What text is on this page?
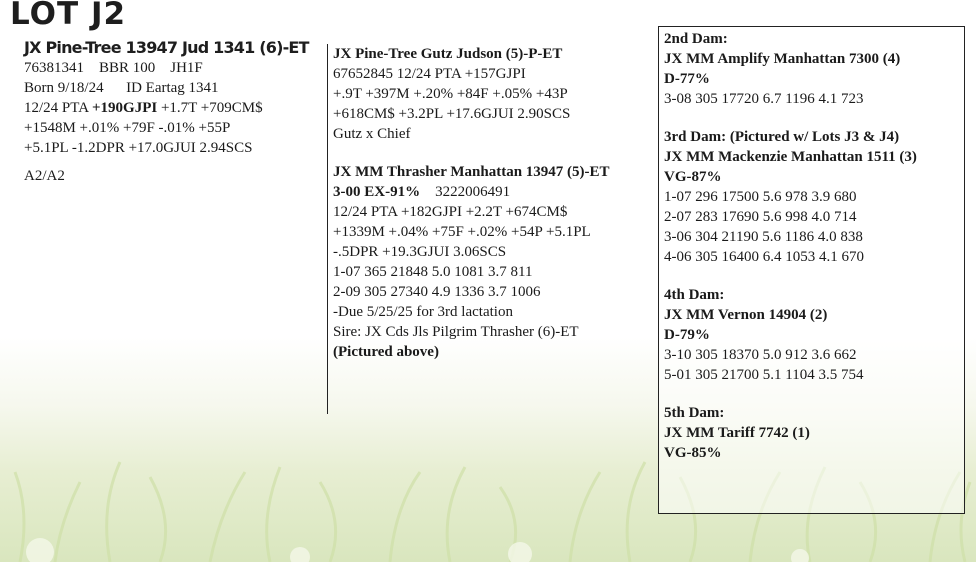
LOT J2
JX Pine-Tree 13947 Jud 1341 (6)-ET
76381341 BBR 100 JH1F
Born 9/18/24 ID Eartag 1341
12/24 PTA +190GJPI +1.7T +709CM$
+1548M +.01% +79F -.01% +55P
+5.1PL -1.2DPR +17.0GJUI 2.94SCS
A2/A2
JX Pine-Tree Gutz Judson (5)-P-ET
67652845 12/24 PTA +157GJPI
+.9T +397M +.20% +84F +.05% +43P
+618CM$ +3.2PL +17.6GJUI 2.90SCS
Gutz x Chief
JX MM Thrasher Manhattan 13947 (5)-ET
3-00 EX-91% 3222006491
12/24 PTA +182GJPI +2.2T +674CM$
+1339M +.04% +75F +.02% +54P +5.1PL
-.5DPR +19.3GJUI 3.06SCS
1-07 365 21848 5.0 1081 3.7 811
2-09 305 27340 4.9 1336 3.7 1006
-Due 5/25/25 for 3rd lactation
Sire: JX Cds Jls Pilgrim Thrasher (6)-ET
(Pictured above)
2nd Dam:
JX MM Amplify Manhattan 7300 (4)
D-77%
3-08 305 17720 6.7 1196 4.1 723
3rd Dam: (Pictured w/ Lots J3 & J4)
JX MM Mackenzie Manhattan 1511 (3)
VG-87%
1-07 296 17500 5.6 978 3.9 680
2-07 283 17690 5.6 998 4.0 714
3-06 304 21190 5.6 1186 4.0 838
4-06 305 16400 6.4 1053 4.1 670
4th Dam:
JX MM Vernon 14904 (2)
D-79%
3-10 305 18370 5.0 912 3.6 662
5-01 305 21700 5.1 1104 3.5 754
5th Dam:
JX MM Tariff 7742 (1)
VG-85%
